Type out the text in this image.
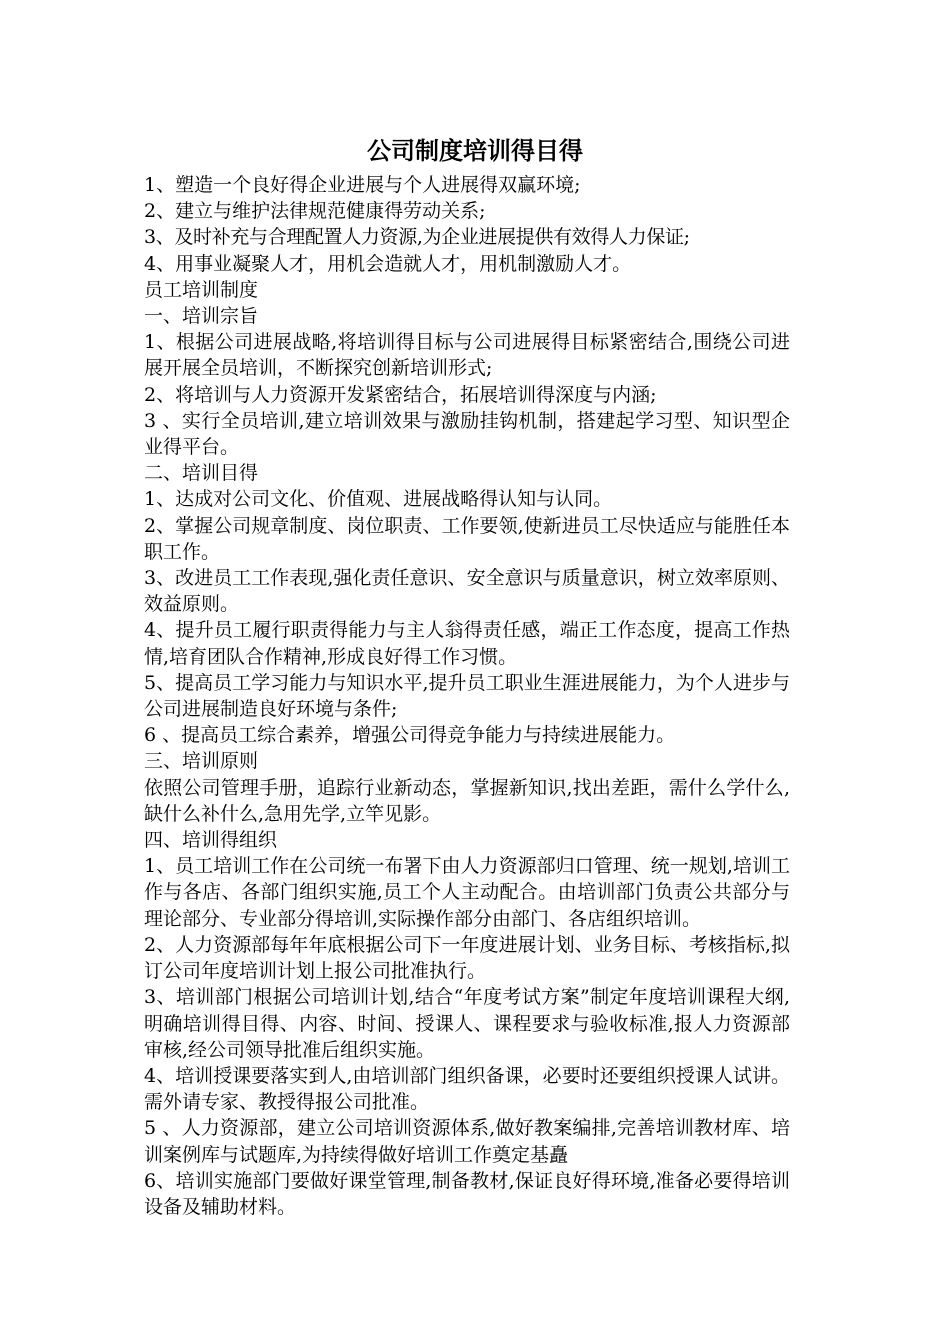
公司制度培训得目得

1、塑造一个良好得企业进展与个人进展得双赢环境;

2、建立与维护法律规范健康得劳动关系;

3、及时补充与合理配置人力资源,为企业进展提供有效得人力保证;

4、用事业凝聚人才，用机会造就人才，用机制激励人才。

员工培训制度

一、培训宗旨

1、根据公司进展战略,将培训得目标与公司进展得目标紧密结合,围绕公司进展开展全员培训，不断探究创新培训形式;

2、将培训与人力资源开发紧密结合，拓展培训得深度与内涵;

3 、实行全员培训,建立培训效果与激励挂钩机制，搭建起学习型、知识型企业得平台。

二、培训目得

1、达成对公司文化、价值观、进展战略得认知与认同。

2、掌握公司规章制度、岗位职责、工作要领,使新进员工尽快适应与能胜任本职工作。

3、改进员工工作表现,强化责任意识、安全意识与质量意识，树立效率原则、效益原则。

4、提升员工履行职责得能力与主人翁得责任感，端正工作态度，提高工作热情,培育团队合作精神,形成良好得工作习惯。

5、提高员工学习能力与知识水平,提升员工职业生涯进展能力，为个人进步与公司进展制造良好环境与条件;

6 、提高员工综合素养，增强公司得竞争能力与持续进展能力。

三、培训原则

依照公司管理手册，追踪行业新动态，掌握新知识,找出差距，需什么学什么,缺什么补什么,急用先学,立竿见影。

四、培训得组织

1、员工培训工作在公司统一布署下由人力资源部归口管理、统一规划,培训工作与各店、各部门组织实施,员工个人主动配合。由培训部门负责公共部分与理论部分、专业部分得培训,实际操作部分由部门、各店组织培训。

2、人力资源部每年年底根据公司下一年度进展计划、业务目标、考核指标,拟订公司年度培训计划上报公司批准执行。

3、培训部门根据公司培训计划,结合“年度考试方案”制定年度培训课程大纲,明确培训得目得、内容、时间、授课人、课程要求与验收标准,报人力资源部审核,经公司领导批准后组织实施。

4、培训授课要落实到人,由培训部门组织备课，必要时还要组织授课人试讲。需外请专家、教授得报公司批准。

5 、人力资源部，建立公司培训资源体系,做好教案编排,完善培训教材库、培训案例库与试题库,为持续得做好培训工作奠定基矗

6、培训实施部门要做好课堂管理,制备教材,保证良好得环境,准备必要得培训设备及辅助材料。
